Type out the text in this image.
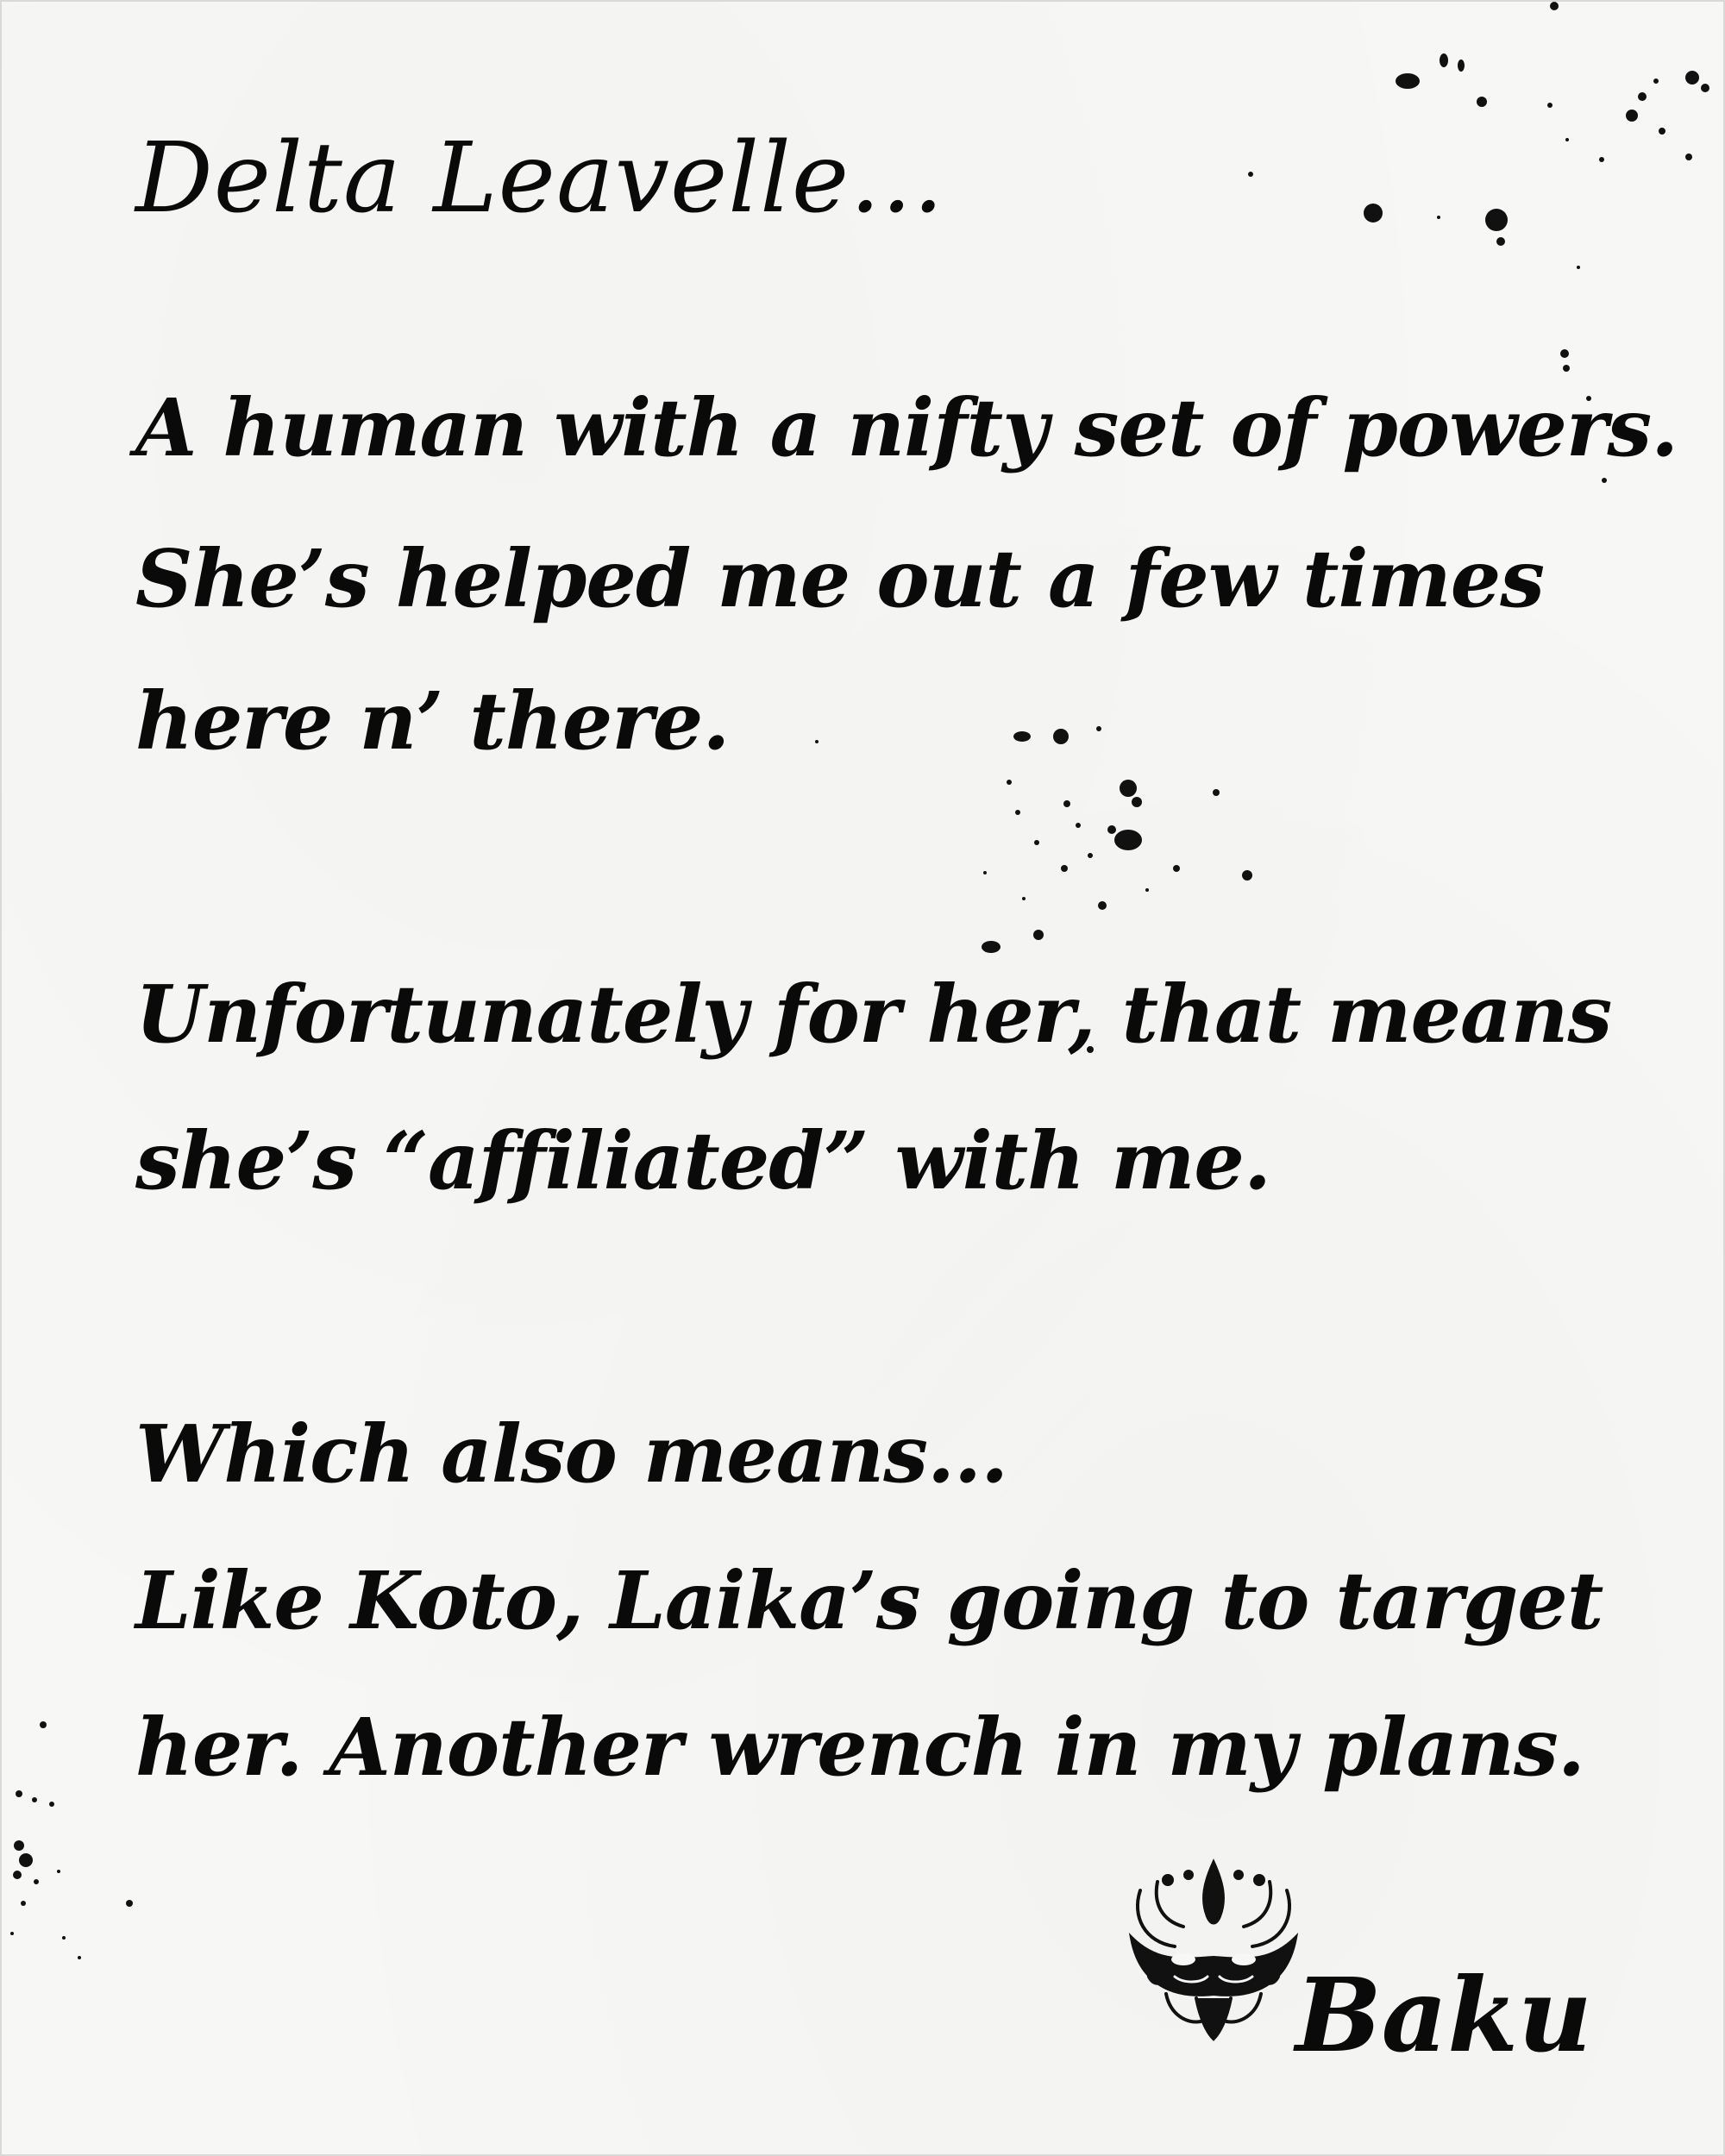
Delta Leavelle...

A human with a nifty set of powers.

She’s helped me out a few times

here n’ there.

Unfortunately for her, that means

she’s “affiliated” with me.

Which also means...

Like Koto, Laika’s going to target

her. Another wrench in my plans.

Baku
